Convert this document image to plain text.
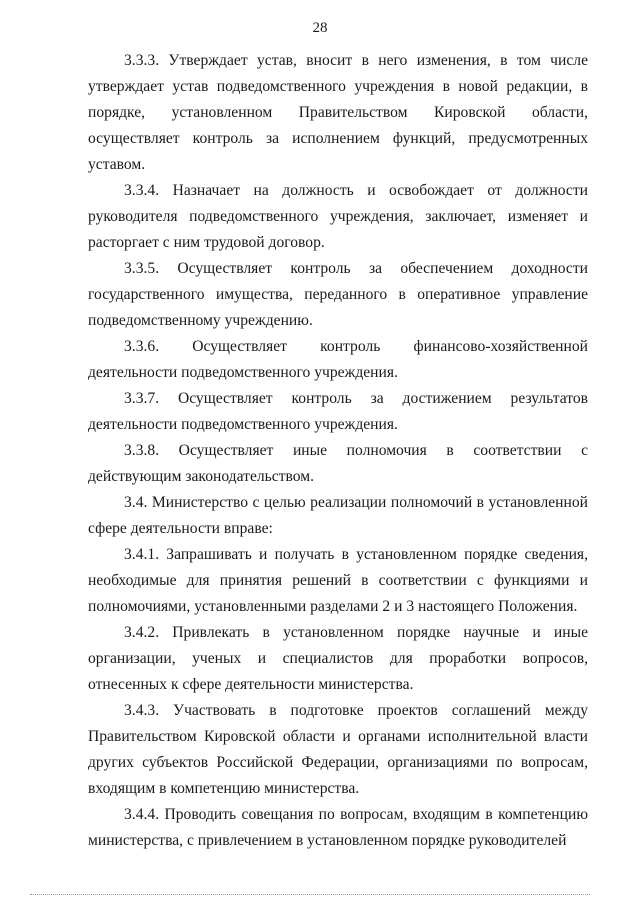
28

3.3.3. Утверждает устав, вносит в него изменения, в том числе утверждает устав подведомственного учреждения в новой редакции, в порядке, установленном Правительством Кировской области, осуществляет контроль за исполнением функций, предусмотренных уставом.

3.3.4. Назначает на должность и освобождает от должности руководителя подведомственного учреждения, заключает, изменяет и расторгает с ним трудовой договор.

3.3.5. Осуществляет контроль за обеспечением доходности государственного имущества, переданного в оперативное управление подведомственному учреждению.

3.3.6. Осуществляет контроль финансово-хозяйственной деятельности подведомственного учреждения.

3.3.7. Осуществляет контроль за достижением результатов деятельности подведомственного учреждения.

3.3.8. Осуществляет иные полномочия в соответствии с действующим законодательством.

3.4. Министерство с целью реализации полномочий в установленной сфере деятельности вправе:

3.4.1. Запрашивать и получать в установленном порядке сведения, необходимые для принятия решений в соответствии с функциями и полномочиями, установленными разделами 2 и 3 настоящего Положения.

3.4.2. Привлекать в установленном порядке научные и иные организации, ученых и специалистов для проработки вопросов, отнесенных к сфере деятельности министерства.

3.4.3. Участвовать в подготовке проектов соглашений между Правительством Кировской области и органами исполнительной власти других субъектов Российской Федерации, организациями по вопросам, входящим в компетенцию министерства.

3.4.4. Проводить совещания по вопросам, входящим в компетенцию министерства, с привлечением в установленном порядке руководителей
